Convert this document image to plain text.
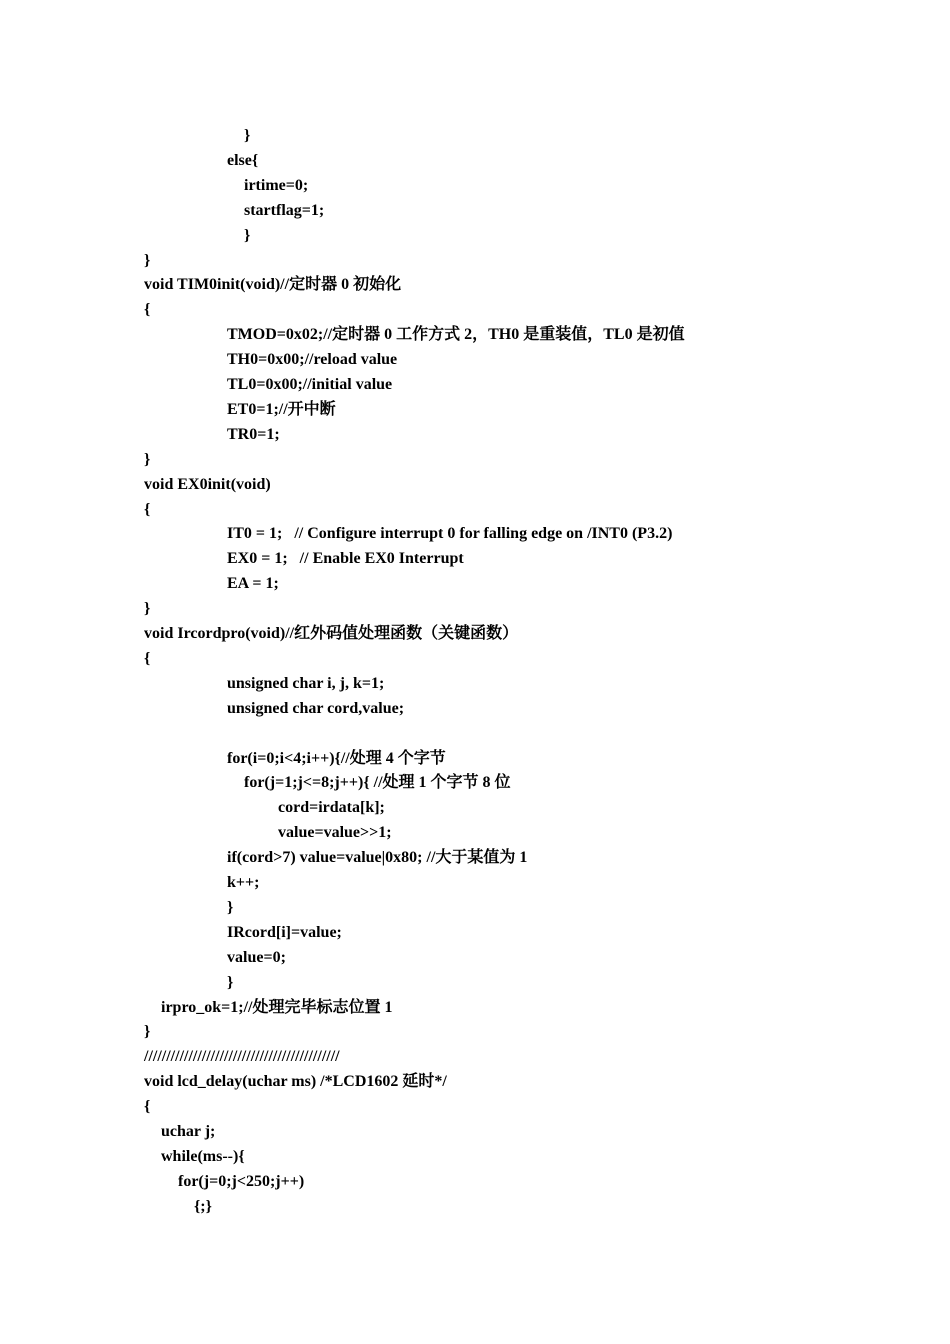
}
else{
irtime=0;
startflag=1;
}
}
void TIM0init(void)//定时器 0 初始化
{
TMOD=0x02;//定时器 0 工作方式 2，TH0 是重装值，TL0 是初值
TH0=0x00;//reload value
TL0=0x00;//initial value
ET0=1;//开中断
TR0=1;
}
void EX0init(void)
{
IT0 = 1;   // Configure interrupt 0 for falling edge on /INT0 (P3.2)
EX0 = 1;   // Enable EX0 Interrupt
EA = 1;
}
void Ircordpro(void)//红外码值处理函数（关键函数）
{
unsigned char i, j, k=1;
unsigned char cord,value;
for(i=0;i<4;i++){//处理 4 个字节
for(j=1;j<=8;j++){ //处理 1 个字节 8 位
cord=irdata[k];
value=value>>1;
if(cord>7) value=value|0x80; //大于某值为 1
k++;
}
IRcord[i]=value;
value=0;
}
irpro_ok=1;//处理完毕标志位置 1
}
////////////////////////////////////////////
void lcd_delay(uchar ms) /*LCD1602 延时*/
{
uchar j;
while(ms--){
for(j=0;j<250;j++)
{;}
